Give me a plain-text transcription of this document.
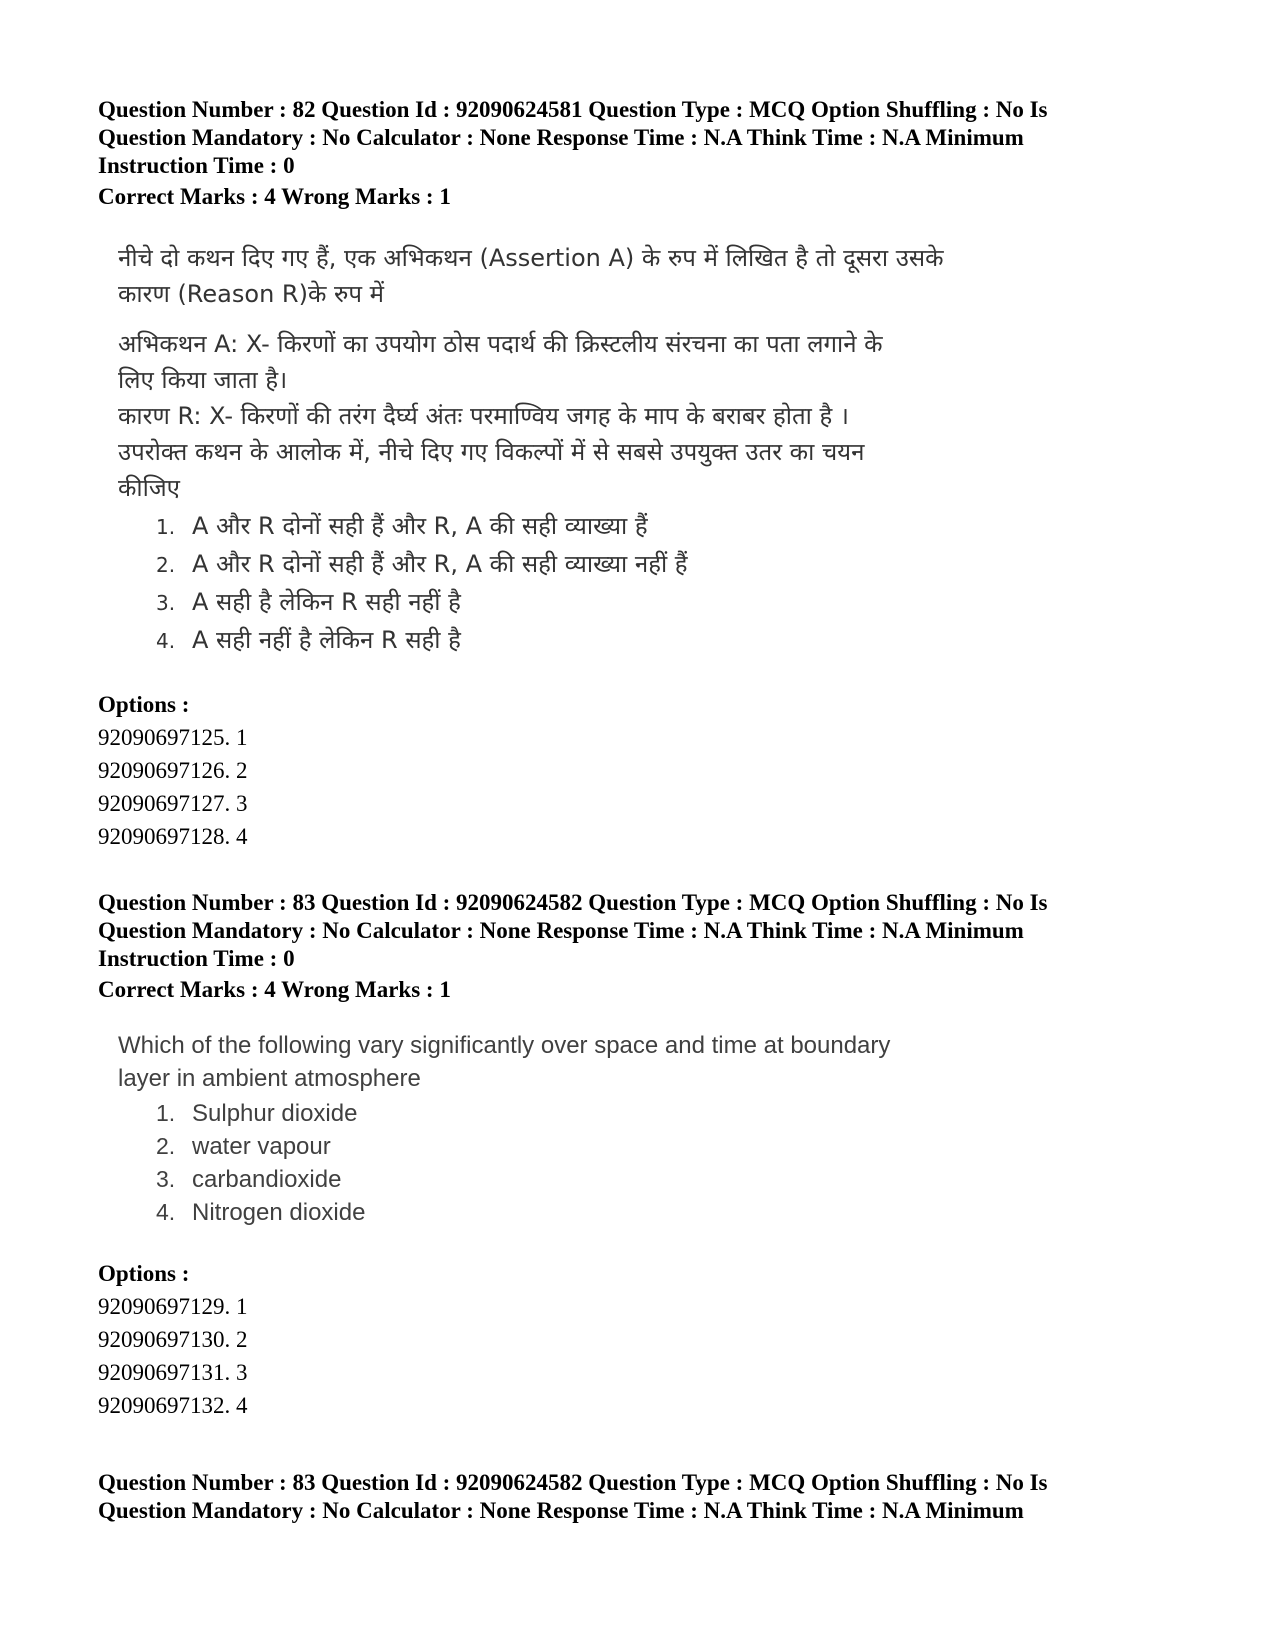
Question Number : 82 Question Id : 92090624581 Question Type : MCQ Option Shuffling : No Is
Question Mandatory : No Calculator : None Response Time : N.A Think Time : N.A Minimum
Instruction Time : 0
Correct Marks : 4 Wrong Marks : 1
नीचे दो कथन दिए गए हैं, एक अभिकथन (Assertion A) के रुप में लिखित है तो दूसरा उसके
कारण (Reason R)के रुप में
अभिकथन A: X- किरणों का उपयोग ठोस पदार्थ की क्रिस्टलीय संरचना का पता लगाने के
लिए किया जाता है।
कारण R: X- किरणों की तरंग दैर्घ्य अंतः परमाण्विय जगह के माप के बराबर होता है ।
उपरोक्त कथन के आलोक में, नीचे दिए गए विकल्पों में से सबसे उपयुक्त उतर का चयन
कीजिए
1. A और R दोनों सही हैं और R, A की सही व्याख्या हैं
2. A और R दोनों सही हैं और R, A की सही व्याख्या नहीं हैं
3. A सही है लेकिन R सही नहीं है
4. A सही नहीं है लेकिन R सही है
Options :
92090697125. 1
92090697126. 2
92090697127. 3
92090697128. 4
Question Number : 83 Question Id : 92090624582 Question Type : MCQ Option Shuffling : No Is
Question Mandatory : No Calculator : None Response Time : N.A Think Time : N.A Minimum
Instruction Time : 0
Correct Marks : 4 Wrong Marks : 1
Which of the following vary significantly over space and time at boundary
layer in ambient atmosphere
1. Sulphur dioxide
2. water vapour
3. carbandioxide
4. Nitrogen dioxide
Options :
92090697129. 1
92090697130. 2
92090697131. 3
92090697132. 4
Question Number : 83 Question Id : 92090624582 Question Type : MCQ Option Shuffling : No Is
Question Mandatory : No Calculator : None Response Time : N.A Think Time : N.A Minimum
